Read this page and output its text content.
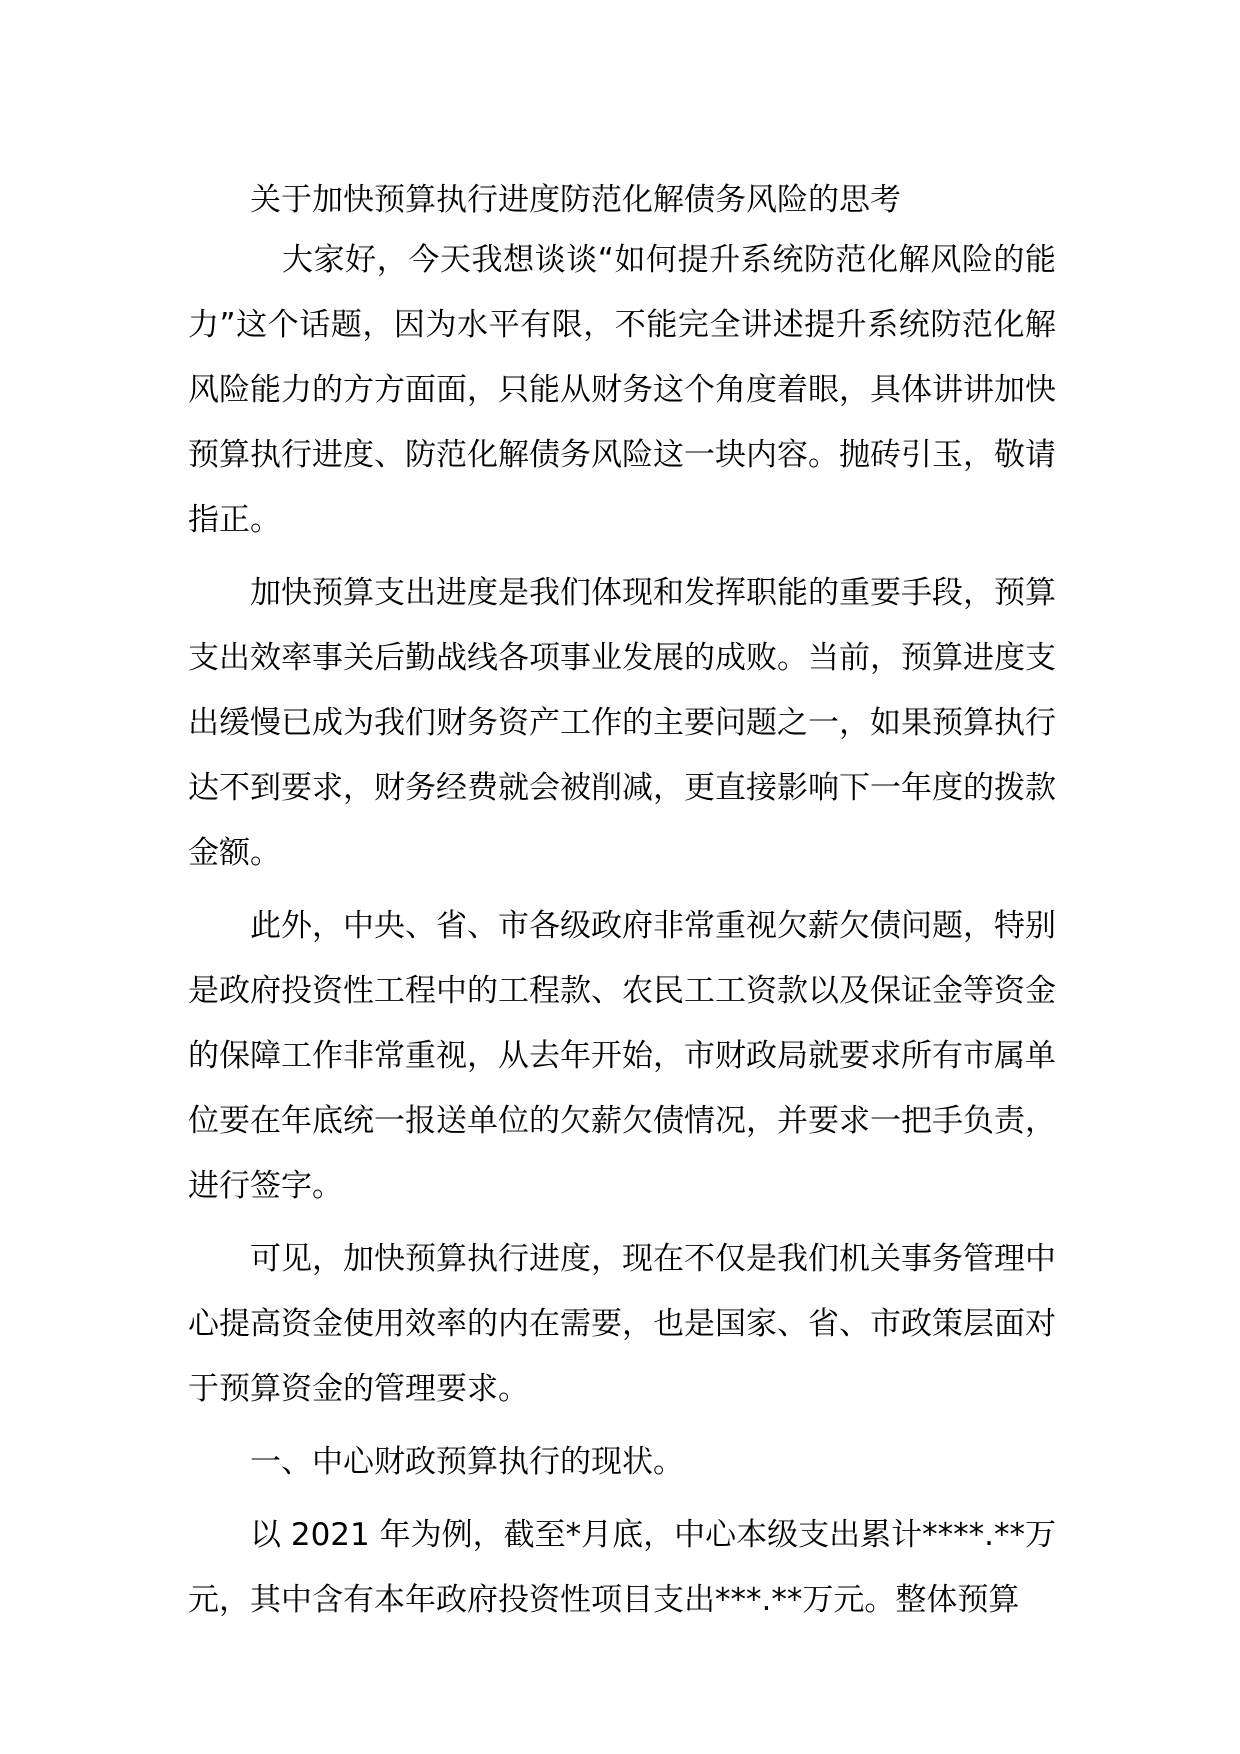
关于加快预算执行进度防范化解债务风险的思考

大家好，今天我想谈谈“如何提升系统防范化解风险的能力”这个话题，因为水平有限，不能完全讲述提升系统防范化解风险能力的方方面面，只能从财务这个角度着眼，具体讲讲加快预算执行进度、防范化解债务风险这一块内容。抛砖引玉，敬请指正。

加快预算支出进度是我们体现和发挥职能的重要手段，预算支出效率事关后勤战线各项事业发展的成败。当前，预算进度支出缓慢已成为我们财务资产工作的主要问题之一，如果预算执行达不到要求，财务经费就会被削减，更直接影响下一年度的拨款金额。

此外，中央、省、市各级政府非常重视欠薪欠债问题，特别是政府投资性工程中的工程款、农民工工资款以及保证金等资金的保障工作非常重视，从去年开始，市财政局就要求所有市属单位要在年底统一报送单位的欠薪欠债情况，并要求一把手负责，进行签字。

可见，加快预算执行进度，现在不仅是我们机关事务管理中心提高资金使用效率的内在需要，也是国家、省、市政策层面对于预算资金的管理要求。

一、中心财政预算执行的现状。

以 2021 年为例，截至*月底，中心本级支出累计****.**万元，其中含有本年政府投资性项目支出***.**万元。整体预算
